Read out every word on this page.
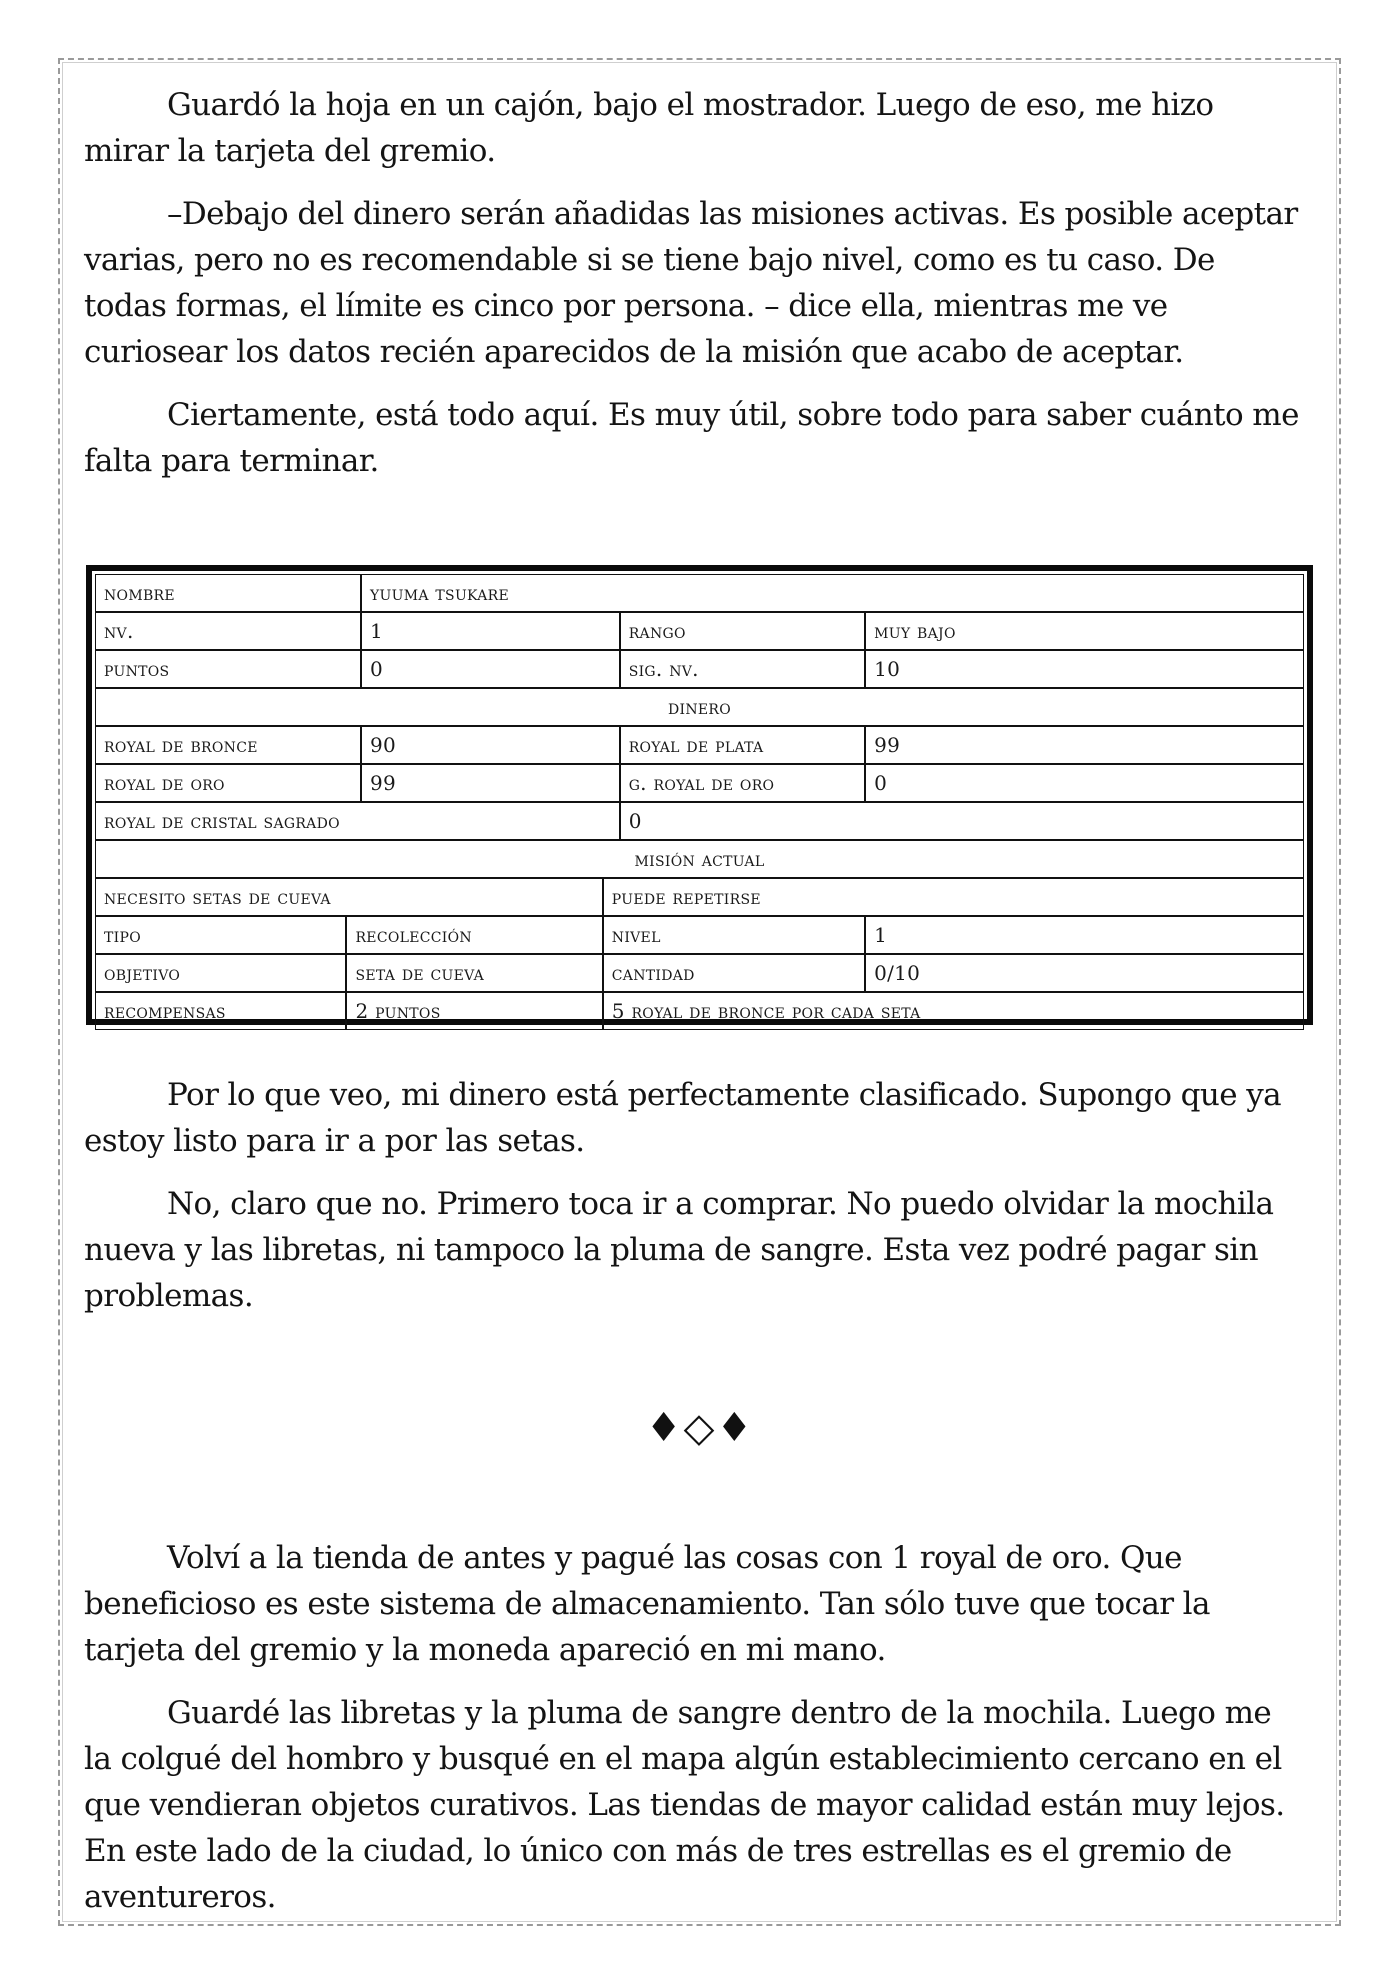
Guardó la hoja en un cajón, bajo el mostrador. Luego de eso, me hizo mirar la tarjeta del gremio.

–Debajo del dinero serán añadidas las misiones activas. Es posible aceptar varias, pero no es recomendable si se tiene bajo nivel, como es tu caso. De todas formas, el límite es cinco por persona. – dice ella, mientras me ve curiosear los datos recién aparecidos de la misión que acabo de aceptar.

Ciertamente, está todo aquí. Es muy útil, sobre todo para saber cuánto me falta para terminar.

nombre		yuuma tsukare			
nv.		1		rango	muy bajo
puntos		0		sig. nv.	10
dinero					
royal de bronce		90		royal de plata	99
royal de oro		99		g. royal de oro	0
royal de cristal sagrado				0	
misión actual					
necesito setas de cueva			puede repetirse		
tipo	recolección		nivel		1
objetivo	seta de cueva		cantidad		0/10
recompensas	2 puntos		5 royal de bronce por cada seta		

Por lo que veo, mi dinero está perfectamente clasificado. Supongo que ya estoy listo para ir a por las setas.

No, claro que no. Primero toca ir a comprar. No puedo olvidar la mochila nueva y las libretas, ni tampoco la pluma de sangre. Esta vez podré pagar sin problemas.

♦◇♦

Volví a la tienda de antes y pagué las cosas con 1 royal de oro. Que beneficioso es este sistema de almacenamiento. Tan sólo tuve que tocar la tarjeta del gremio y la moneda apareció en mi mano.

Guardé las libretas y la pluma de sangre dentro de la mochila. Luego me la colgué del hombro y busqué en el mapa algún establecimiento cercano en el que vendieran objetos curativos. Las tiendas de mayor calidad están muy lejos. En este lado de la ciudad, lo único con más de tres estrellas es el gremio de aventureros.
